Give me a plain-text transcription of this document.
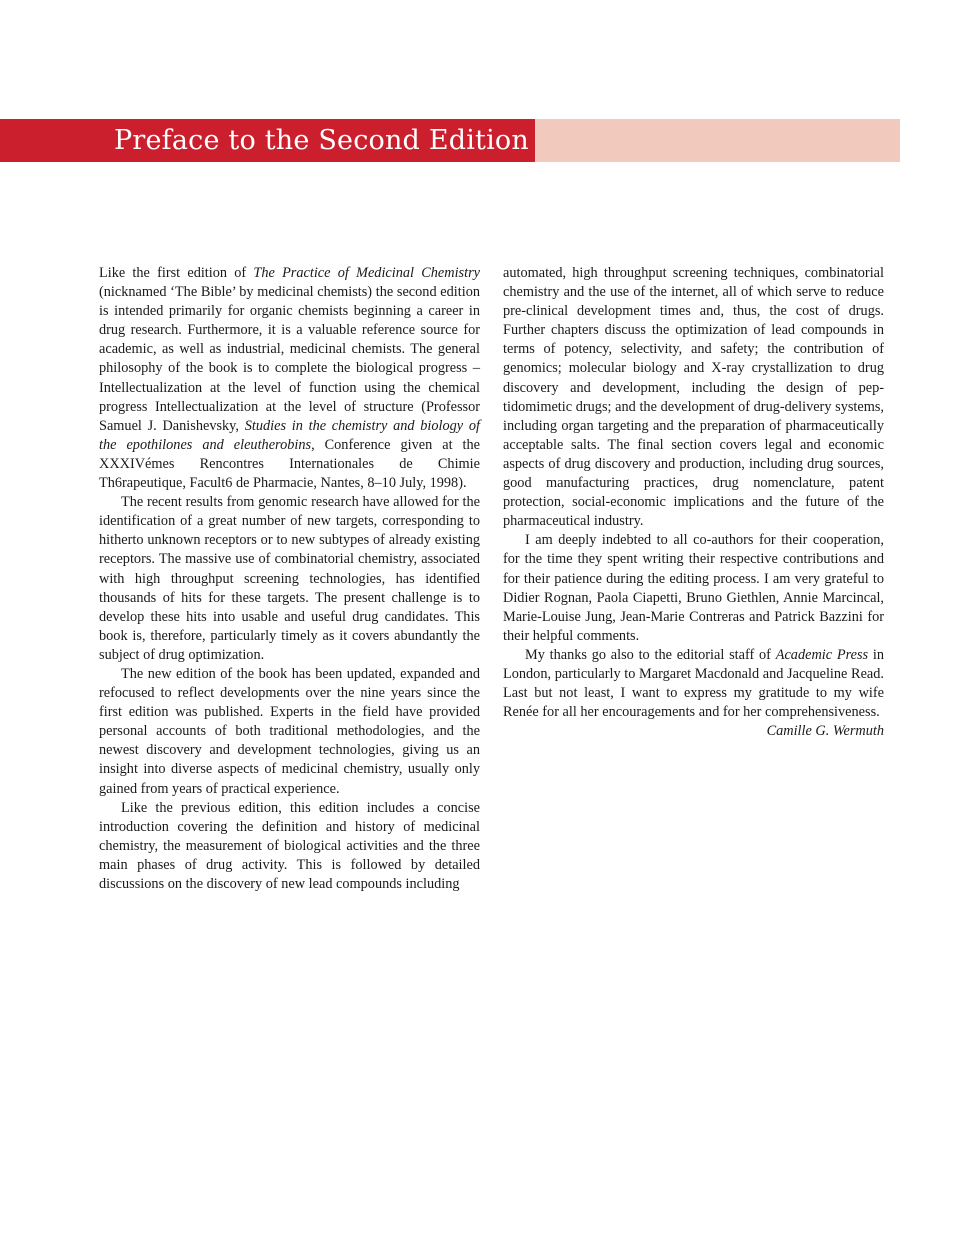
Preface to the Second Edition

Like the first edition of The Practice of Medicinal Chemistry (nicknamed ‘The Bible’ by medicinal chemists) the second edition is intended primarily for organic chemists beginning a career in drug research. Furthermore, it is a valuable reference source for academic, as well as industrial, medicinal chemists. The general philosophy of the book is to complete the biological progress – Intellectualization at the level of function using the chemical progress Intellectualization at the level of structure (Professor Samuel J. Danishevsky, Studies in the chemistry and biology of the epothilones and eleutherobins, Conference given at the XXXIVémes Rencontres Internationales de Chimie Th6rapeutique, Facult6 de Pharmacie, Nantes, 8–10 July, 1998).

The recent results from genomic research have allowed for the identification of a great number of new targets, corresponding to hitherto unknown receptors or to new subtypes of already existing receptors. The massive use of combinatorial chemistry, associated with high throughput screening technologies, has identified thousands of hits for these targets. The present challenge is to develop these hits into usable and useful drug candidates. This book is, therefore, particularly timely as it covers abundantly the subject of drug optimization.

The new edition of the book has been updated, expanded and refocused to reflect developments over the nine years since the first edition was published. Experts in the field have provided personal accounts of both traditional methodologies, and the newest discovery and development technologies, giving us an insight into diverse aspects of medicinal chemistry, usually only gained from years of practical experience.

Like the previous edition, this edition includes a concise introduction covering the definition and history of medicinal chemistry, the measurement of biological activities and the three main phases of drug activity. This is followed by detailed discussions on the discovery of new lead compounds including

automated, high throughput screening techniques, combinatorial chemistry and the use of the internet, all of which serve to reduce pre-clinical development times and, thus, the cost of drugs. Further chapters discuss the optimization of lead compounds in terms of potency, selectivity, and safety; the contribution of genomics; molecular biology and X-ray crystallization to drug discovery and development, including the design of peptidomimetic drugs; and the development of drug-delivery systems, including organ targeting and the preparation of pharmaceutically acceptable salts. The final section covers legal and economic aspects of drug discovery and production, including drug sources, good manufacturing practices, drug nomenclature, patent protection, social-economic implications and the future of the pharmaceutical industry.

I am deeply indebted to all co-authors for their cooperation, for the time they spent writing their respective contributions and for their patience during the editing process. I am very grateful to Didier Rognan, Paola Ciapetti, Bruno Giethlen, Annie Marcincal, Marie-Louise Jung, Jean-Marie Contreras and Patrick Bazzini for their helpful comments.

My thanks go also to the editorial staff of Academic Press in London, particularly to Margaret Macdonald and Jacqueline Read. Last but not least, I want to express my gratitude to my wife Renée for all her encouragements and for her comprehensiveness.

Camille G. Wermuth
